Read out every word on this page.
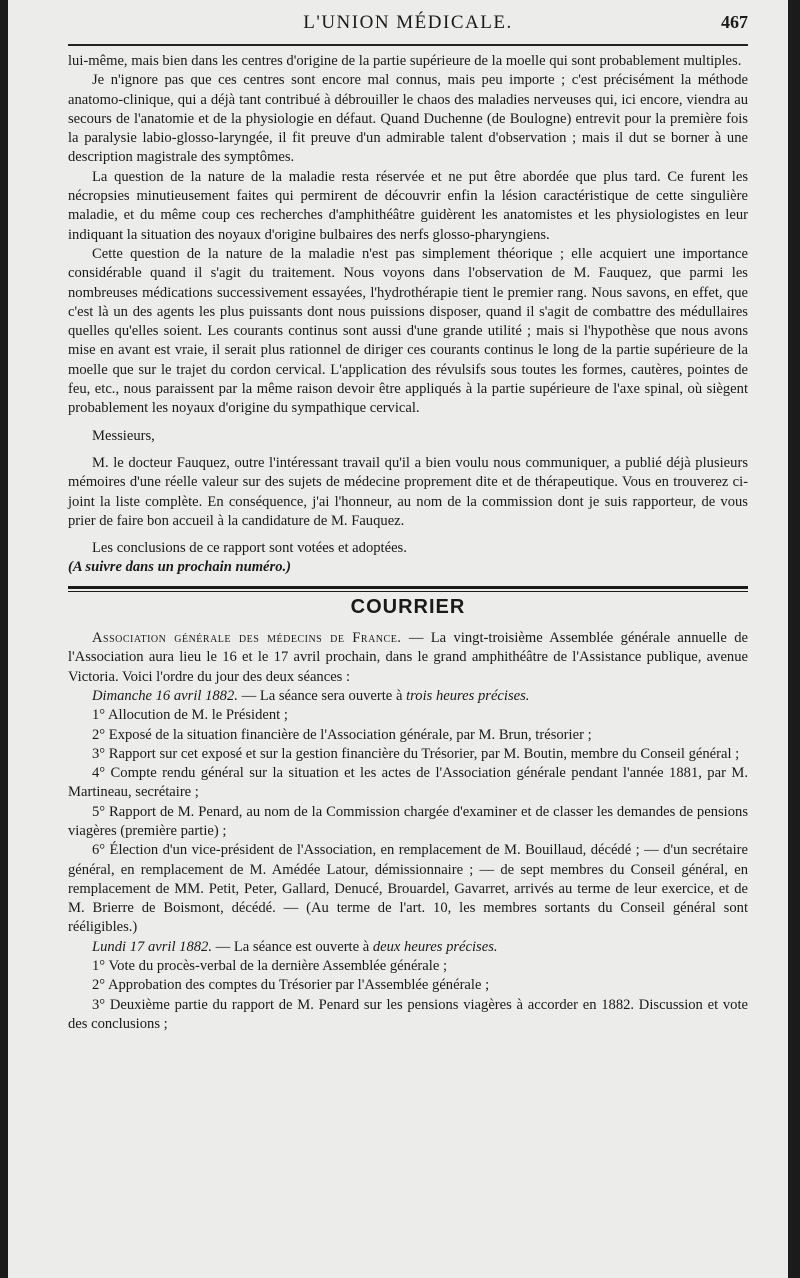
L'UNION MÉDICALE.	467

lui-même, mais bien dans les centres d'origine de la partie supérieure de la moelle qui sont probablement multiples.

Je n'ignore pas que ces centres sont encore mal connus, mais peu importe ; c'est précisément la méthode anatomo-clinique, qui a déjà tant contribué à débrouiller le chaos des maladies nerveuses qui, ici encore, viendra au secours de l'anatomie et de la physiologie en défaut. Quand Duchenne (de Boulogne) entrevit pour la première fois la paralysie labio-glosso-laryngée, il fit preuve d'un admirable talent d'observation ; mais il dut se borner à une description magistrale des symptômes.

La question de la nature de la maladie resta réservée et ne put être abordée que plus tard. Ce furent les nécropsies minutieusement faites qui permirent de découvrir enfin la lésion caractéristique de cette singulière maladie, et du même coup ces recherches d'amphithéâtre guidèrent les anatomistes et les physiologistes en leur indiquant la situation des noyaux d'origine bulbaires des nerfs glosso-pharyngiens.

Cette question de la nature de la maladie n'est pas simplement théorique ; elle acquiert une importance considérable quand il s'agit du traitement. Nous voyons dans l'observation de M. Fauquez, que parmi les nombreuses médications successivement essayées, l'hydrothérapie tient le premier rang. Nous savons, en effet, que c'est là un des agents les plus puissants dont nous puissions disposer, quand il s'agit de combattre des médullaires quelles qu'elles soient. Les courants continus sont aussi d'une grande utilité ; mais si l'hypothèse que nous avons mise en avant est vraie, il serait plus rationnel de diriger ces courants continus le long de la partie supérieure de la moelle que sur le trajet du cordon cervical. L'application des révulsifs sous toutes les formes, cautères, pointes de feu, etc., nous paraissent par la même raison devoir être appliqués à la partie supérieure de l'axe spinal, où siègent probablement les noyaux d'origine du sympathique cervical.

Messieurs,

M. le docteur Fauquez, outre l'intéressant travail qu'il a bien voulu nous communiquer, a publié déjà plusieurs mémoires d'une réelle valeur sur des sujets de médecine proprement dite et de thérapeutique. Vous en trouverez ci-joint la liste complète. En conséquence, j'ai l'honneur, au nom de la commission dont je suis rapporteur, de vous prier de faire bon accueil à la candidature de M. Fauquez.

Les conclusions de ce rapport sont votées et adoptées.

(A suivre dans un prochain numéro.)

COURRIER

Association générale des médecins de France. — La vingt-troisième Assemblée générale annuelle de l'Association aura lieu le 16 et le 17 avril prochain, dans le grand amphithéâtre de l'Assistance publique, avenue Victoria. Voici l'ordre du jour des deux séances :

Dimanche 16 avril 1882. — La séance sera ouverte à trois heures précises.

1° Allocution de M. le Président ;

2° Exposé de la situation financière de l'Association générale, par M. Brun, trésorier ;

3° Rapport sur cet exposé et sur la gestion financière du Trésorier, par M. Boutin, membre du Conseil général ;

4° Compte rendu général sur la situation et les actes de l'Association générale pendant l'année 1881, par M. Martineau, secrétaire ;

5° Rapport de M. Penard, au nom de la Commission chargée d'examiner et de classer les demandes de pensions viagères (première partie) ;

6° Élection d'un vice-président de l'Association, en remplacement de M. Bouillaud, décédé ; — d'un secrétaire général, en remplacement de M. Amédée Latour, démissionnaire ; — de sept membres du Conseil général, en remplacement de MM. Petit, Peter, Gallard, Denucé, Brouardel, Gavarret, arrivés au terme de leur exercice, et de M. Brierre de Boismont, décédé. — (Au terme de l'art. 10, les membres sortants du Conseil général sont rééligibles.)

Lundi 17 avril 1882. — La séance est ouverte à deux heures précises.

1° Vote du procès-verbal de la dernière Assemblée générale ;

2° Approbation des comptes du Trésorier par l'Assemblée générale ;

3° Deuxième partie du rapport de M. Penard sur les pensions viagères à accorder en 1882. Discussion et vote des conclusions ;
